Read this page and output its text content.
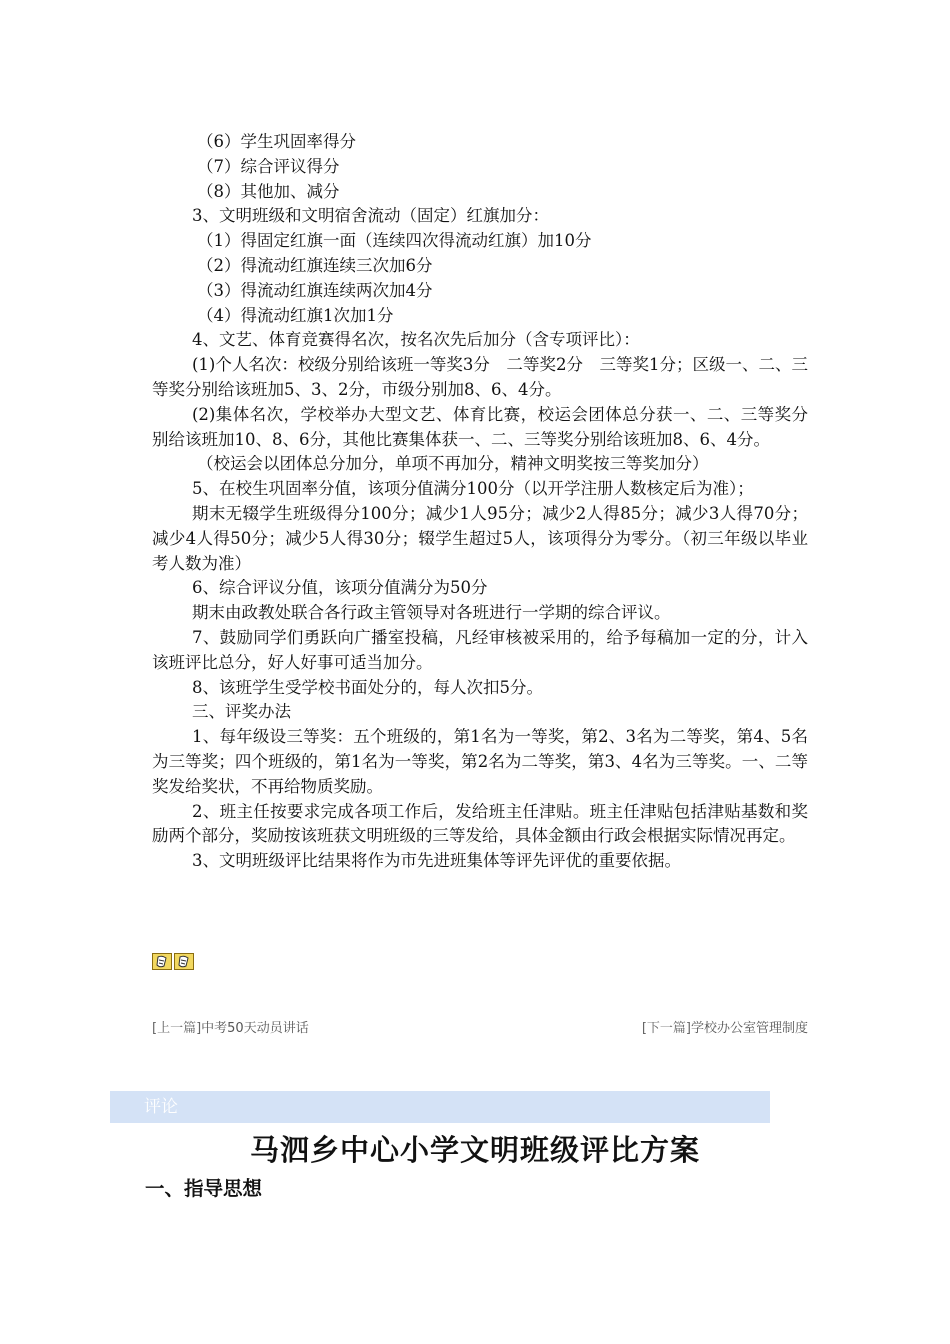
（6）学生巩固率得分

（7）综合评议得分

（8）其他加、减分

3、文明班级和文明宿舍流动（固定）红旗加分：

（1）得固定红旗一面（连续四次得流动红旗）加10分

（2）得流动红旗连续三次加6分

（3）得流动红旗连续两次加4分

（4）得流动红旗1次加1分

4、文艺、体育竞赛得名次，按名次先后加分（含专项评比）：

(1)个人名次：校级分别给该班一等奖3分　二等奖2分　三等奖1分；区级一、二、三等奖分别给该班加5、3、2分，市级分别加8、6、4分。

(2)集体名次，学校举办大型文艺、体育比赛，校运会团体总分获一、二、三等奖分别给该班加10、8、6分，其他比赛集体获一、二、三等奖分别给该班加8、6、4分。

（校运会以团体总分加分，单项不再加分，精神文明奖按三等奖加分）

5、在校生巩固率分值，该项分值满分100分（以开学注册人数核定后为准）；

期末无辍学生班级得分100分；减少1人95分；减少2人得85分；减少3人得70分；减少4人得50分；减少5人得30分；辍学生超过5人，该项得分为零分。（初三年级以毕业考人数为准）

6、综合评议分值，该项分值满分为50分

期末由政教处联合各行政主管领导对各班进行一学期的综合评议。

7、鼓励同学们勇跃向广播室投稿，凡经审核被采用的，给予每稿加一定的分，计入该班评比总分，好人好事可适当加分。

8、该班学生受学校书面处分的，每人次扣5分。

三、评奖办法

1、每年级设三等奖：五个班级的，第1名为一等奖，第2、3名为二等奖，第4、5名为三等奖；四个班级的，第1名为一等奖，第2名为二等奖，第3、4名为三等奖。一、二等奖发给奖状，不再给物质奖励。

2、班主任按要求完成各项工作后，发给班主任津贴。班主任津贴包括津贴基数和奖励两个部分，奖励按该班获文明班级的三等发给，具体金额由行政会根据实际情况再定。

3、文明班级评比结果将作为市先进班集体等评先评优的重要依据。

[上一篇]中考50天动员讲话	[下一篇]学校办公室管理制度
评论
马泗乡中心小学文明班级评比方案
一、指导思想
